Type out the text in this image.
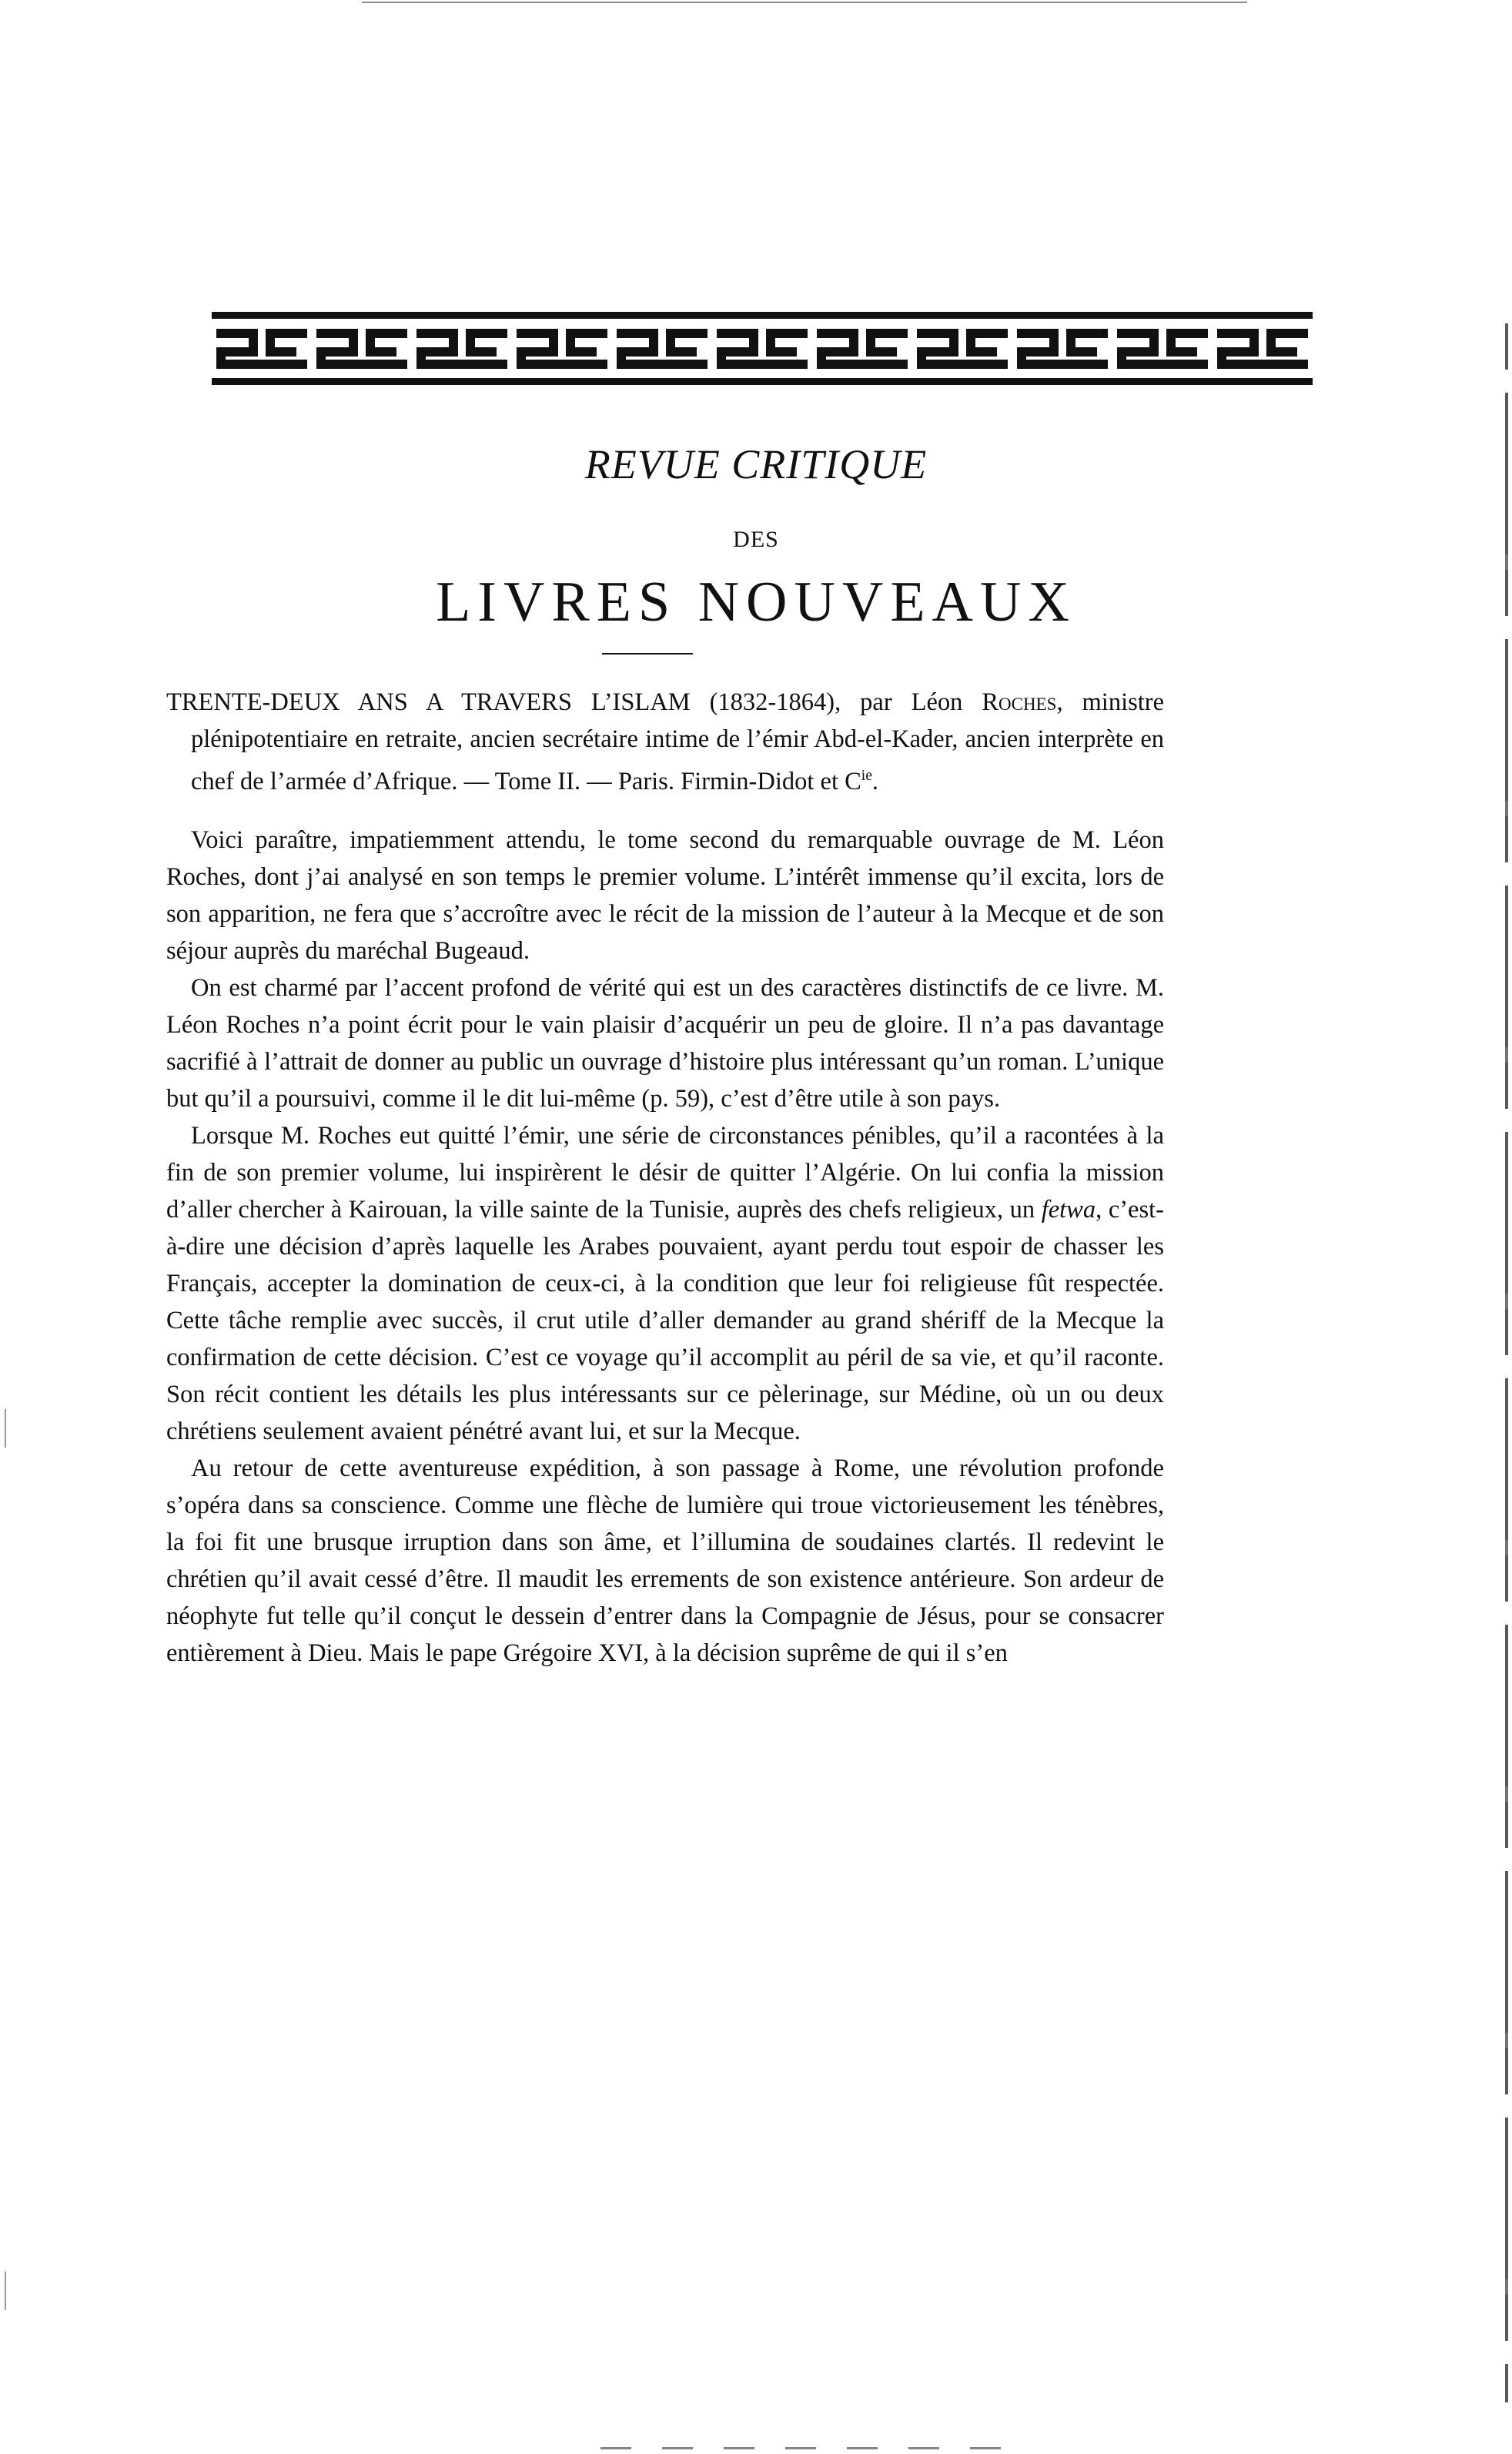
REVUE CRITIQUE
DES
LIVRES NOUVEAUX

TRENTE-DEUX ANS A TRAVERS L’ISLAM (1832-1864), par Léon Roches, ministre plénipotentiaire en retraite, ancien secrétaire intime de l’émir Abd-el-Kader, ancien interprète en chef de l’armée d’Afrique. — Tome II. — Paris. Firmin-Didot et $C^{ie}$.

Voici paraître, impatiemment attendu, le tome second du remarquable ouvrage de M. Léon Roches, dont j’ai analysé en son temps le premier volume. L’intérêt immense qu’il excita, lors de son apparition, ne fera que s’accroître avec le récit de la mission de l’auteur à la Mecque et de son séjour auprès du maréchal Bugeaud.

On est charmé par l’accent profond de vérité qui est un des caractères distinctifs de ce livre. M. Léon Roches n’a point écrit pour le vain plaisir d’acquérir un peu de gloire. Il n’a pas davantage sacrifié à l’attrait de donner au public un ouvrage d’histoire plus intéressant qu’un roman. L’unique but qu’il a poursuivi, comme il le dit lui-même (p. 59), c’est d’être utile à son pays.

Lorsque M. Roches eut quitté l’émir, une série de circonstances pénibles, qu’il a racontées à la fin de son premier volume, lui inspirèrent le désir de quitter l’Algérie. On lui confia la mission d’aller chercher à Kairouan, la ville sainte de la Tunisie, auprès des chefs religieux, un fetwa, c’est-à-dire une décision d’après laquelle les Arabes pouvaient, ayant perdu tout espoir de chasser les Français, accepter la domination de ceux-ci, à la condition que leur foi religieuse fût respectée. Cette tâche remplie avec succès, il crut utile d’aller demander au grand shériff de la Mecque la confirmation de cette décision. C’est ce voyage qu’il accomplit au péril de sa vie, et qu’il raconte. Son récit contient les détails les plus intéressants sur ce pèlerinage, sur Médine, où un ou deux chrétiens seulement avaient pénétré avant lui, et sur la Mecque.

Au retour de cette aventureuse expédition, à son passage à Rome, une révolution profonde s’opéra dans sa conscience. Comme une flèche de lumière qui troue victorieusement les ténèbres, la foi fit une brusque irruption dans son âme, et l’illumina de soudaines clartés. Il redevint le chrétien qu’il avait cessé d’être. Il maudit les errements de son existence antérieure. Son ardeur de néophyte fut telle qu’il conçut le dessein d’entrer dans la Compagnie de Jésus, pour se consacrer entièrement à Dieu. Mais le pape Grégoire XVI, à la décision suprême de qui il s’en
